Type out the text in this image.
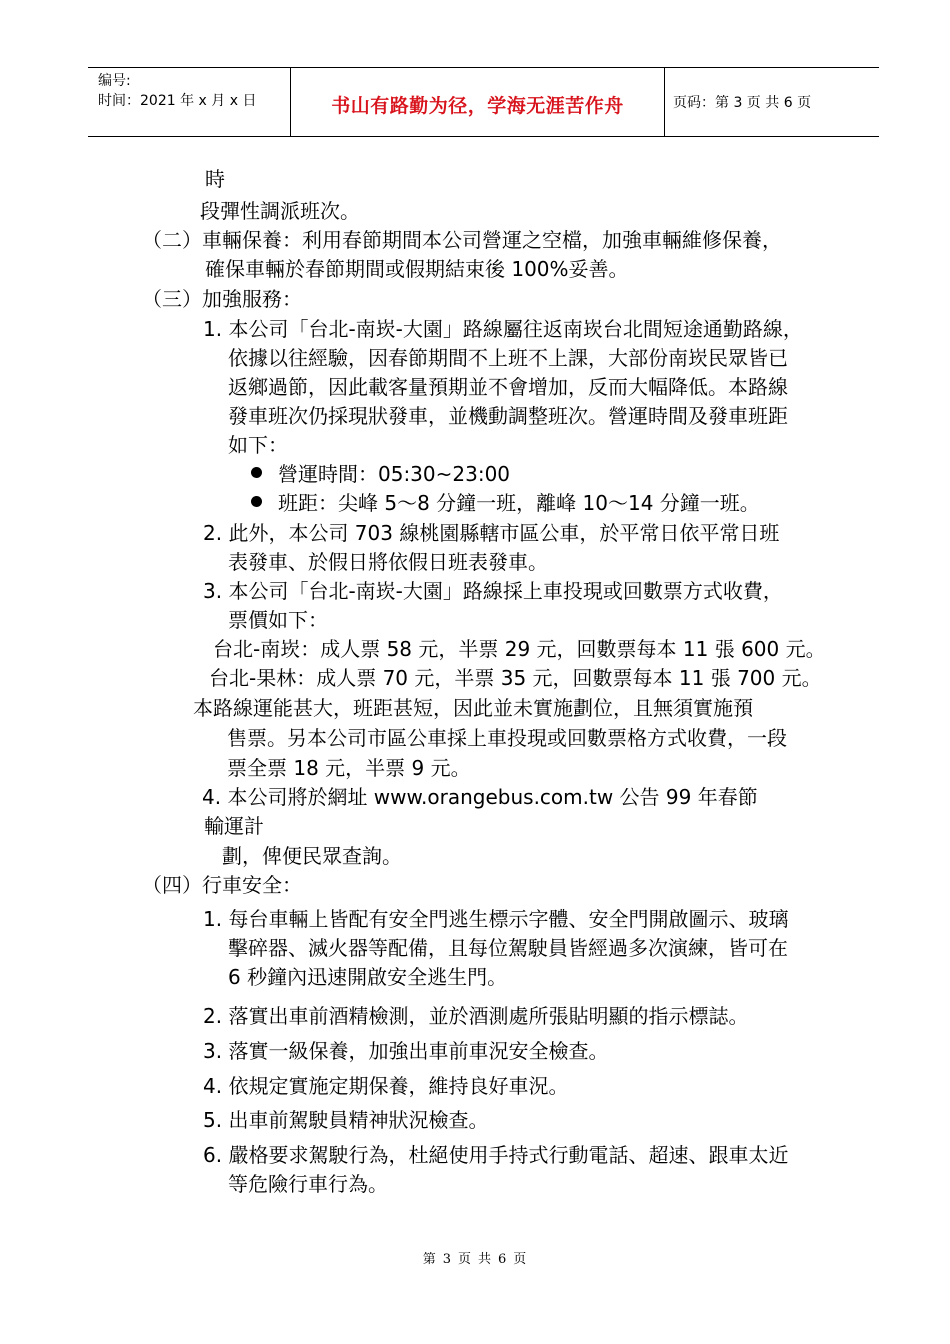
编号:
时间：2021 年 x 月 x 日	书山有路勤为径，学海无涯苦作舟	页码：第 3 页 共 6 页
時
段彈性調派班次。
（二）車輛保養：利用春節期間本公司營運之空檔，加強車輛維修保養，
確保車輛於春節期間或假期結束後 100%妥善。
（三）加強服務：
1. 本公司「台北-南崁-大園」路線屬往返南崁台北間短途通勤路線，
依據以往經驗，因春節期間不上班不上課，大部份南崁民眾皆已
返鄉過節，因此載客量預期並不會增加，反而大幅降低。本路線
發車班次仍採現狀發車，並機動調整班次。營運時間及發車班距
如下：
營運時間：05:30~23:00
班距：尖峰 5～8 分鐘一班，離峰 10～14 分鐘一班。
2. 此外，本公司 703 線桃園縣轄市區公車，於平常日依平常日班
表發車、於假日將依假日班表發車。
3. 本公司「台北-南崁-大園」路線採上車投現或回數票方式收費，
票價如下：
台北-南崁：成人票 58 元，半票 29 元，回數票每本 11 張 600 元。
台北-果林：成人票 70 元，半票 35 元，回數票每本 11 張 700 元。
本路線運能甚大，班距甚短，因此並未實施劃位，且無須實施預
售票。另本公司市區公車採上車投現或回數票格方式收費，一段
票全票 18 元，半票 9 元。
4. 本公司將於網址 www.orangebus.com.tw 公告 99 年春節
輸運計
劃，俾便民眾查詢。
（四）行車安全：
1. 每台車輛上皆配有安全門逃生標示字體、安全門開啟圖示、玻璃
擊碎器、滅火器等配備，且每位駕駛員皆經過多次演練，皆可在
6 秒鐘內迅速開啟安全逃生門。
2. 落實出車前酒精檢測，並於酒測處所張貼明顯的指示標誌。
3. 落實一級保養，加強出車前車況安全檢查。
4. 依規定實施定期保養，維持良好車況。
5. 出車前駕駛員精神狀況檢查。
6. 嚴格要求駕駛行為，杜絕使用手持式行動電話、超速、跟車太近
等危險行車行為。
第 3 页 共 6 页
